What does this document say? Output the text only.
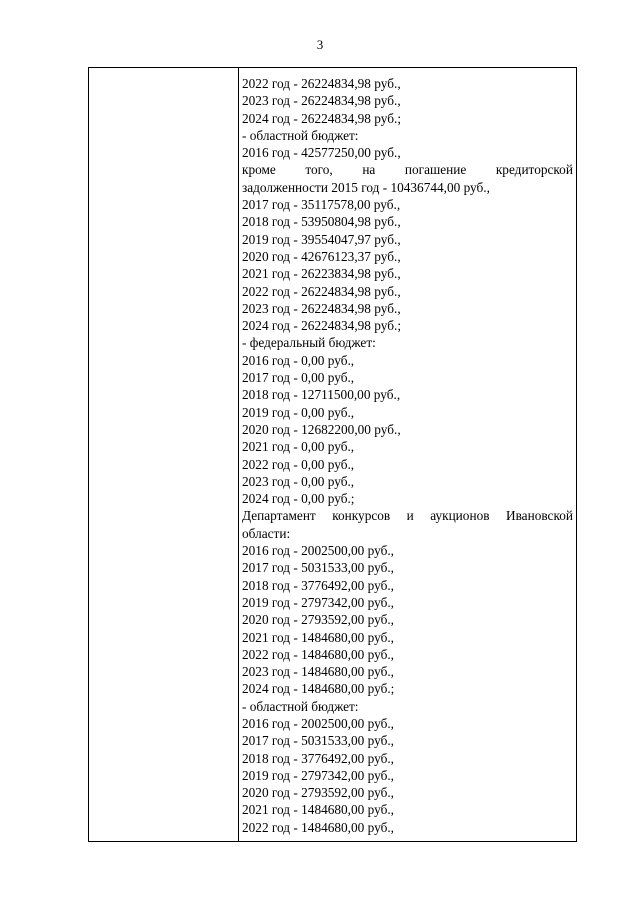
3
2022 год - 26224834,98 руб.,
2023 год - 26224834,98 руб.,
2024 год - 26224834,98 руб.;
- областной бюджет:
2016 год - 42577250,00 руб.,
кроме того, на погашение кредиторской
задолженности 2015 год - 10436744,00 руб.,
2017 год - 35117578,00 руб.,
2018 год - 53950804,98 руб.,
2019 год - 39554047,97 руб.,
2020 год - 42676123,37 руб.,
2021 год - 26223834,98 руб.,
2022 год - 26224834,98 руб.,
2023 год - 26224834,98 руб.,
2024 год - 26224834,98 руб.;
- федеральный бюджет:
2016 год - 0,00 руб.,
2017 год - 0,00 руб.,
2018 год - 12711500,00 руб.,
2019 год - 0,00 руб.,
2020 год - 12682200,00 руб.,
2021 год - 0,00 руб.,
2022 год - 0,00 руб.,
2023 год - 0,00 руб.,
2024 год - 0,00 руб.;
Департамент конкурсов и аукционов Ивановской
области:
2016 год - 2002500,00 руб.,
2017 год - 5031533,00 руб.,
2018 год - 3776492,00 руб.,
2019 год - 2797342,00 руб.,
2020 год - 2793592,00 руб.,
2021 год - 1484680,00 руб.,
2022 год - 1484680,00 руб.,
2023 год - 1484680,00 руб.,
2024 год - 1484680,00 руб.;
- областной бюджет:
2016 год - 2002500,00 руб.,
2017 год - 5031533,00 руб.,
2018 год - 3776492,00 руб.,
2019 год - 2797342,00 руб.,
2020 год - 2793592,00 руб.,
2021 год - 1484680,00 руб.,
2022 год - 1484680,00 руб.,
